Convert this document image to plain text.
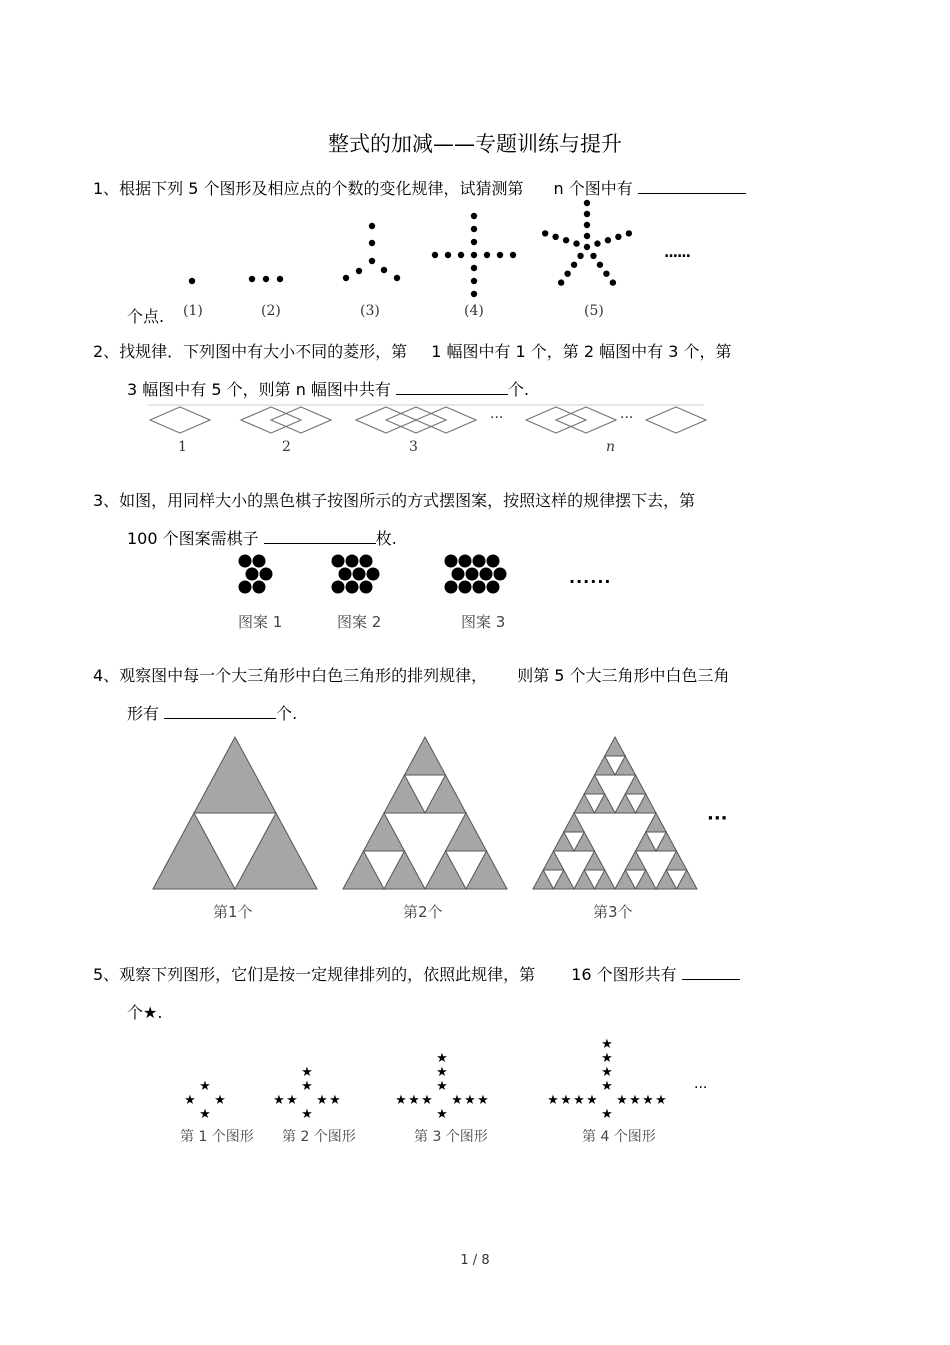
整式的加减——专题训练与提升
1、根据下列 5 个图形及相应点的个数的变化规律，试猜测第 n 个图中有
个点. (1)	(2)	(3)	(4)	(5)
......
2、找规律．下列图中有大小不同的菱形，第 1 幅图中有 1 个，第 2 幅图中有 3 个，第
3 幅图中有 5 个，则第 n 幅图中共有	个.
1	2	3	n
···	···
3、如图，用同样大小的黑色棋子按图所示的方式摆图案，按照这样的规律摆下去，第
100 个图案需棋子	枚.
图案 1	图案 2	图案 3
......
4、观察图中每一个大三角形中白色三角形的排列规律， 则第 5 个大三角形中白色三角
形有	个.
第1个	第2个	第3个
···
5、观察下列图形，它们是按一定规律排列的，依照此规律，第 16 个图形共有
个★.
★
★ ★
★
★
★ ★
★	★
★
★
★
★ ★
★	★
★	★
★
★
★
★
★ ★
★	★
★	★
★	★
★
★
★
★
第 1 个图形 第 2 个图形	第 3 个图形	第 4 个图形
···
1 / 8
